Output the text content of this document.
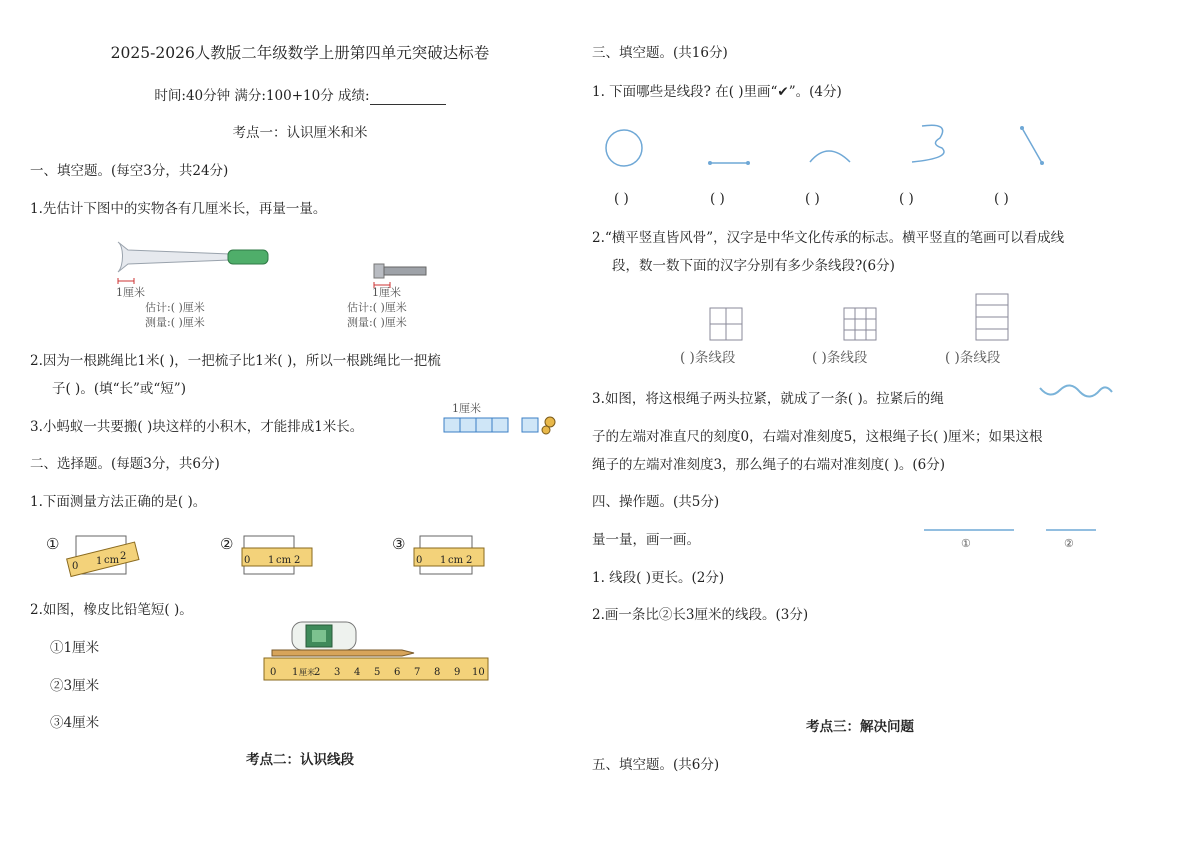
2025-2026人教版二年级数学上册第四单元突破达标卷
时间:40分钟 满分:100+10分 成绩:
考点一：认识厘米和米
一、填空题。(每空3分，共24分)
1.先估计下图中的实物各有几厘米长，再量一量。
1厘米
估计:( )厘米
测量:( )厘米
1厘米
估计:( )厘米
测量:( )厘米
2.因为一根跳绳比1米( )，一把梳子比1米( )，所以一根跳绳比一把梳
子( )。(填“长”或“短”)
3.小蚂蚁一共要搬( )块这样的小积木，才能排成1米长。
1厘米
二、选择题。(每题3分，共6分)
1.下面测量方法正确的是( )。
①
0 1 cm 2
②
0 1 cm 2
③
0 1 cm 2
2.如图，橡皮比铅笔短( )。
①1厘米
②3厘米
③4厘米
0 1 厘米 2 3 4 5 6 7 8 9 10
考点二：认识线段
三、填空题。(共16分)
1. 下面哪些是线段? 在( )里画“✔”。(4分)
( )	( )	( )	( )	( )
2.“横平竖直皆风骨”，汉字是中华文化传承的标志。横平竖直的笔画可以看成线
段，数一数下面的汉字分别有多少条线段?(6分)
( )条线段	( )条线段	( )条线段
3.如图，将这根绳子两头拉紧，就成了一条( )。拉紧后的绳
子的左端对准直尺的刻度0，右端对准刻度5，这根绳子长( )厘米；如果这根
绳子的左端对准刻度3，那么绳子的右端对准刻度( )。(6分)
四、操作题。(共5分)
量一量，画一画。	①	②
1. 线段( )更长。(2分)
2.画一条比②长3厘米的线段。(3分)
考点三：解决问题
五、填空题。(共6分)
